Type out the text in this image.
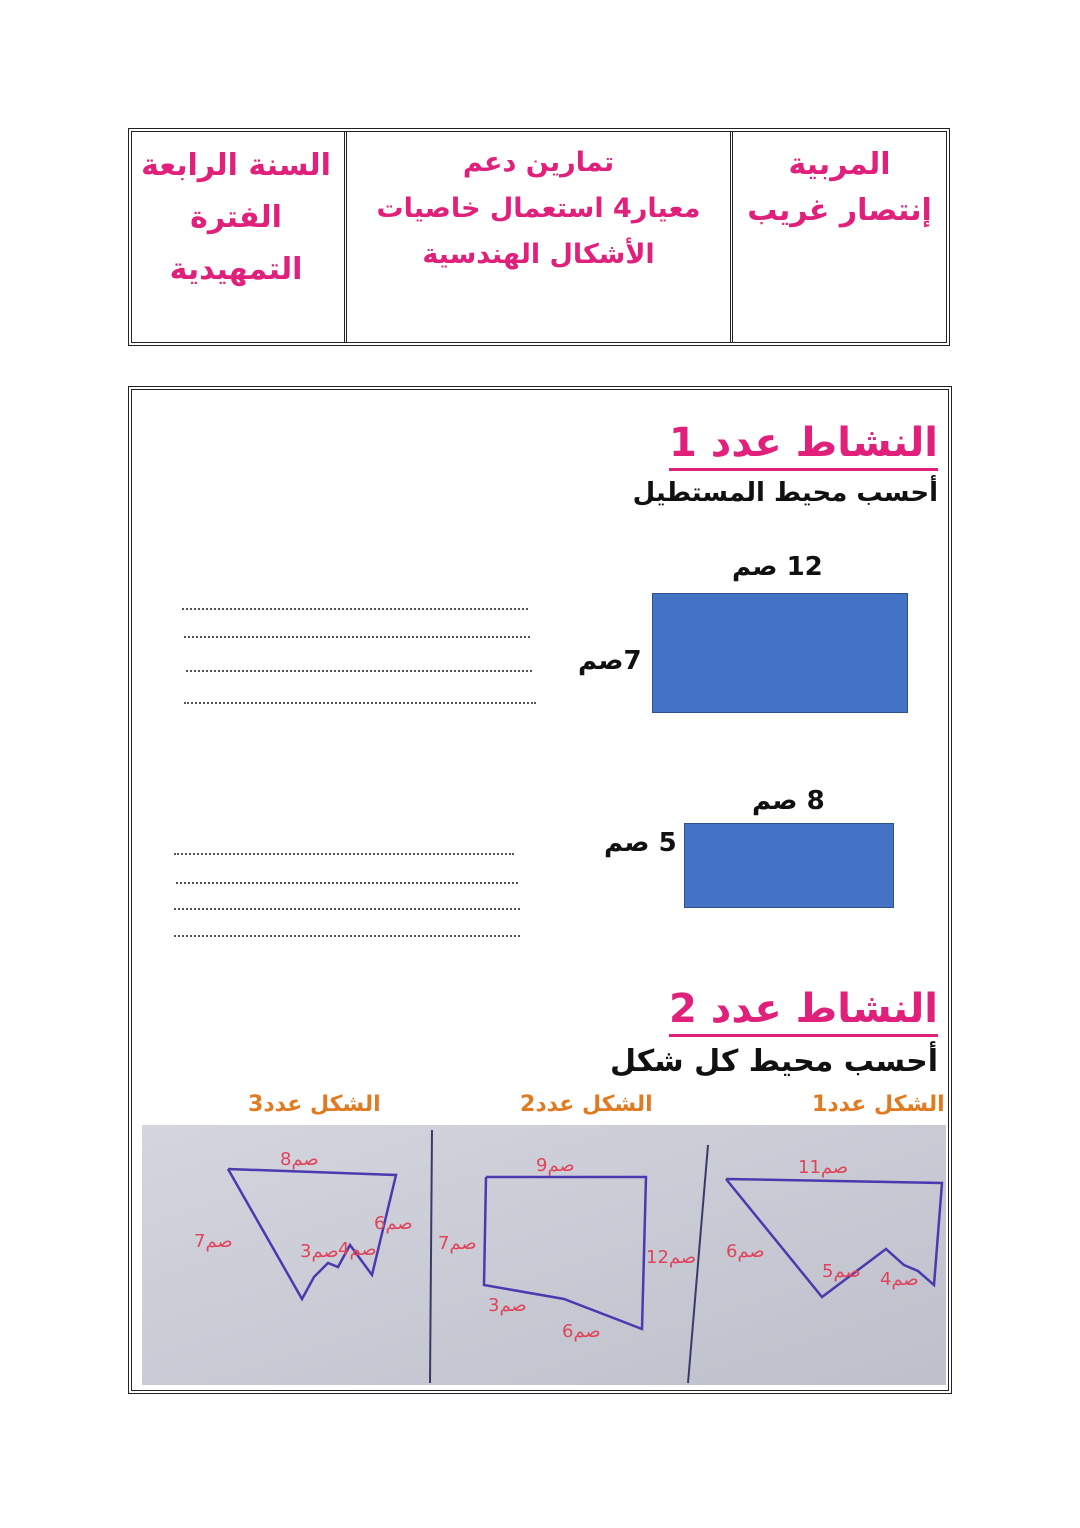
المربية
إنتصار غريب
تمارين دعم
معيار4 استعمال خاصيات
الأشكال الهندسية
السنة الرابعة
الفترة
التمهيدية
النشاط عدد 1
أحسب محيط المستطيل
12 صم
7صم
8 صم
5 صم
النشاط عدد 2
أحسب محيط كل شكل
الشكل عدد1
الشكل عدد2
الشكل عدد3
8صم
7صم
6صم
3صم 4صم
9صم
7صم
12صم
3صم
6صم
11صم
6صم
5صم 4صم
